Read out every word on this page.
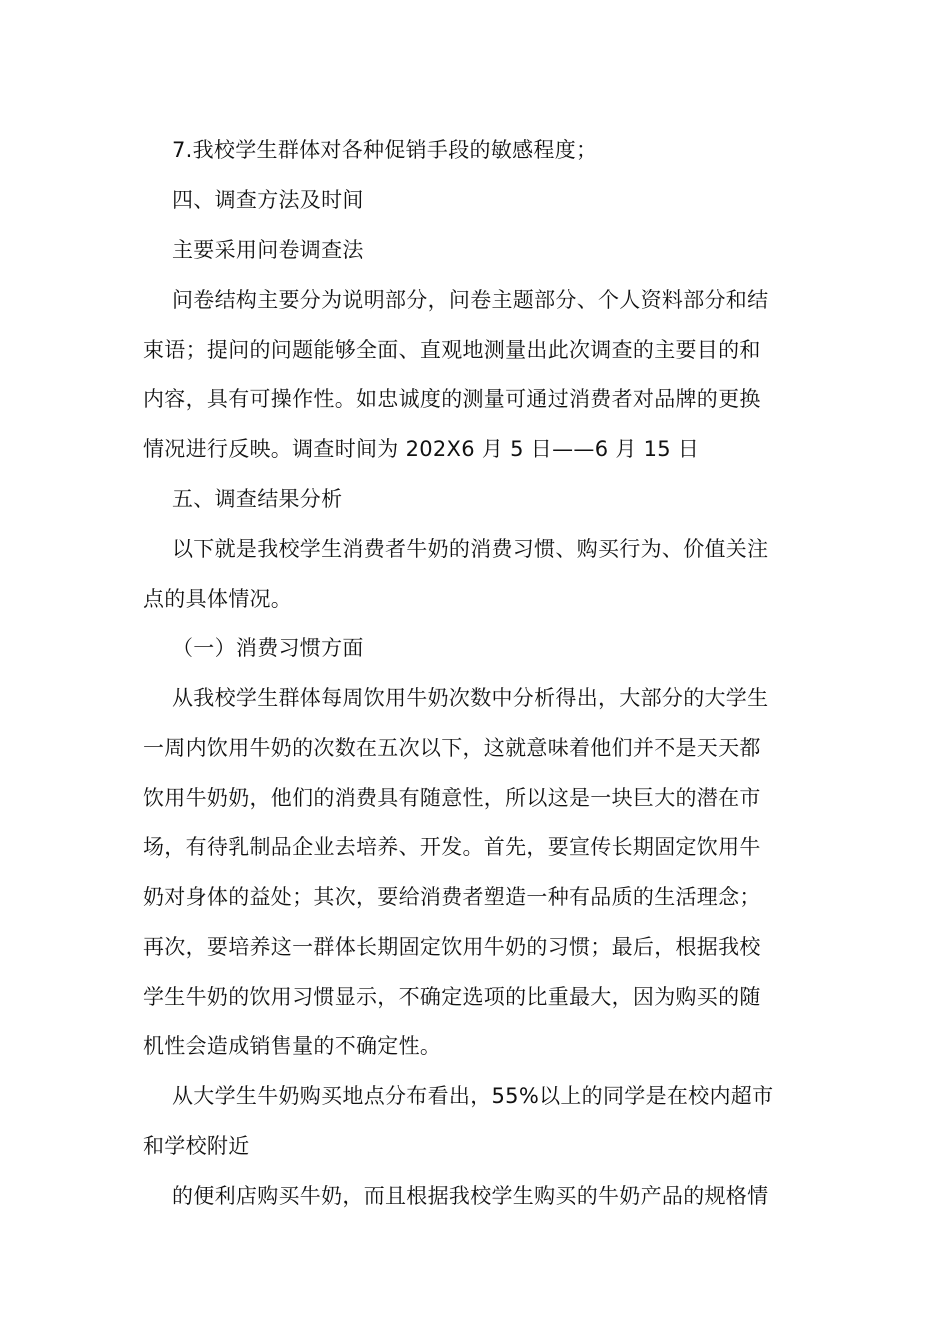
7.我校学生群体对各种促销手段的敏感程度；
四、调查方法及时间
主要采用问卷调查法
问卷结构主要分为说明部分，问卷主题部分、个人资料部分和结
束语；提问的问题能够全面、直观地测量出此次调查的主要目的和
内容，具有可操作性。如忠诚度的测量可通过消费者对品牌的更换
情况进行反映。调查时间为 202X6 月 5 日——6 月 15 日
五、调查结果分析
以下就是我校学生消费者牛奶的消费习惯、购买行为、价值关注
点的具体情况。
（一）消费习惯方面
从我校学生群体每周饮用牛奶次数中分析得出，大部分的大学生
一周内饮用牛奶的次数在五次以下，这就意味着他们并不是天天都
饮用牛奶奶，他们的消费具有随意性，所以这是一块巨大的潜在市
场，有待乳制品企业去培养、开发。首先，要宣传长期固定饮用牛
奶对身体的益处；其次，要给消费者塑造一种有品质的生活理念；
再次，要培养这一群体长期固定饮用牛奶的习惯；最后，根据我校
学生牛奶的饮用习惯显示，不确定选项的比重最大，因为购买的随
机性会造成销售量的不确定性。
从大学生牛奶购买地点分布看出，55%以上的同学是在校内超市
和学校附近
的便利店购买牛奶，而且根据我校学生购买的牛奶产品的规格情
